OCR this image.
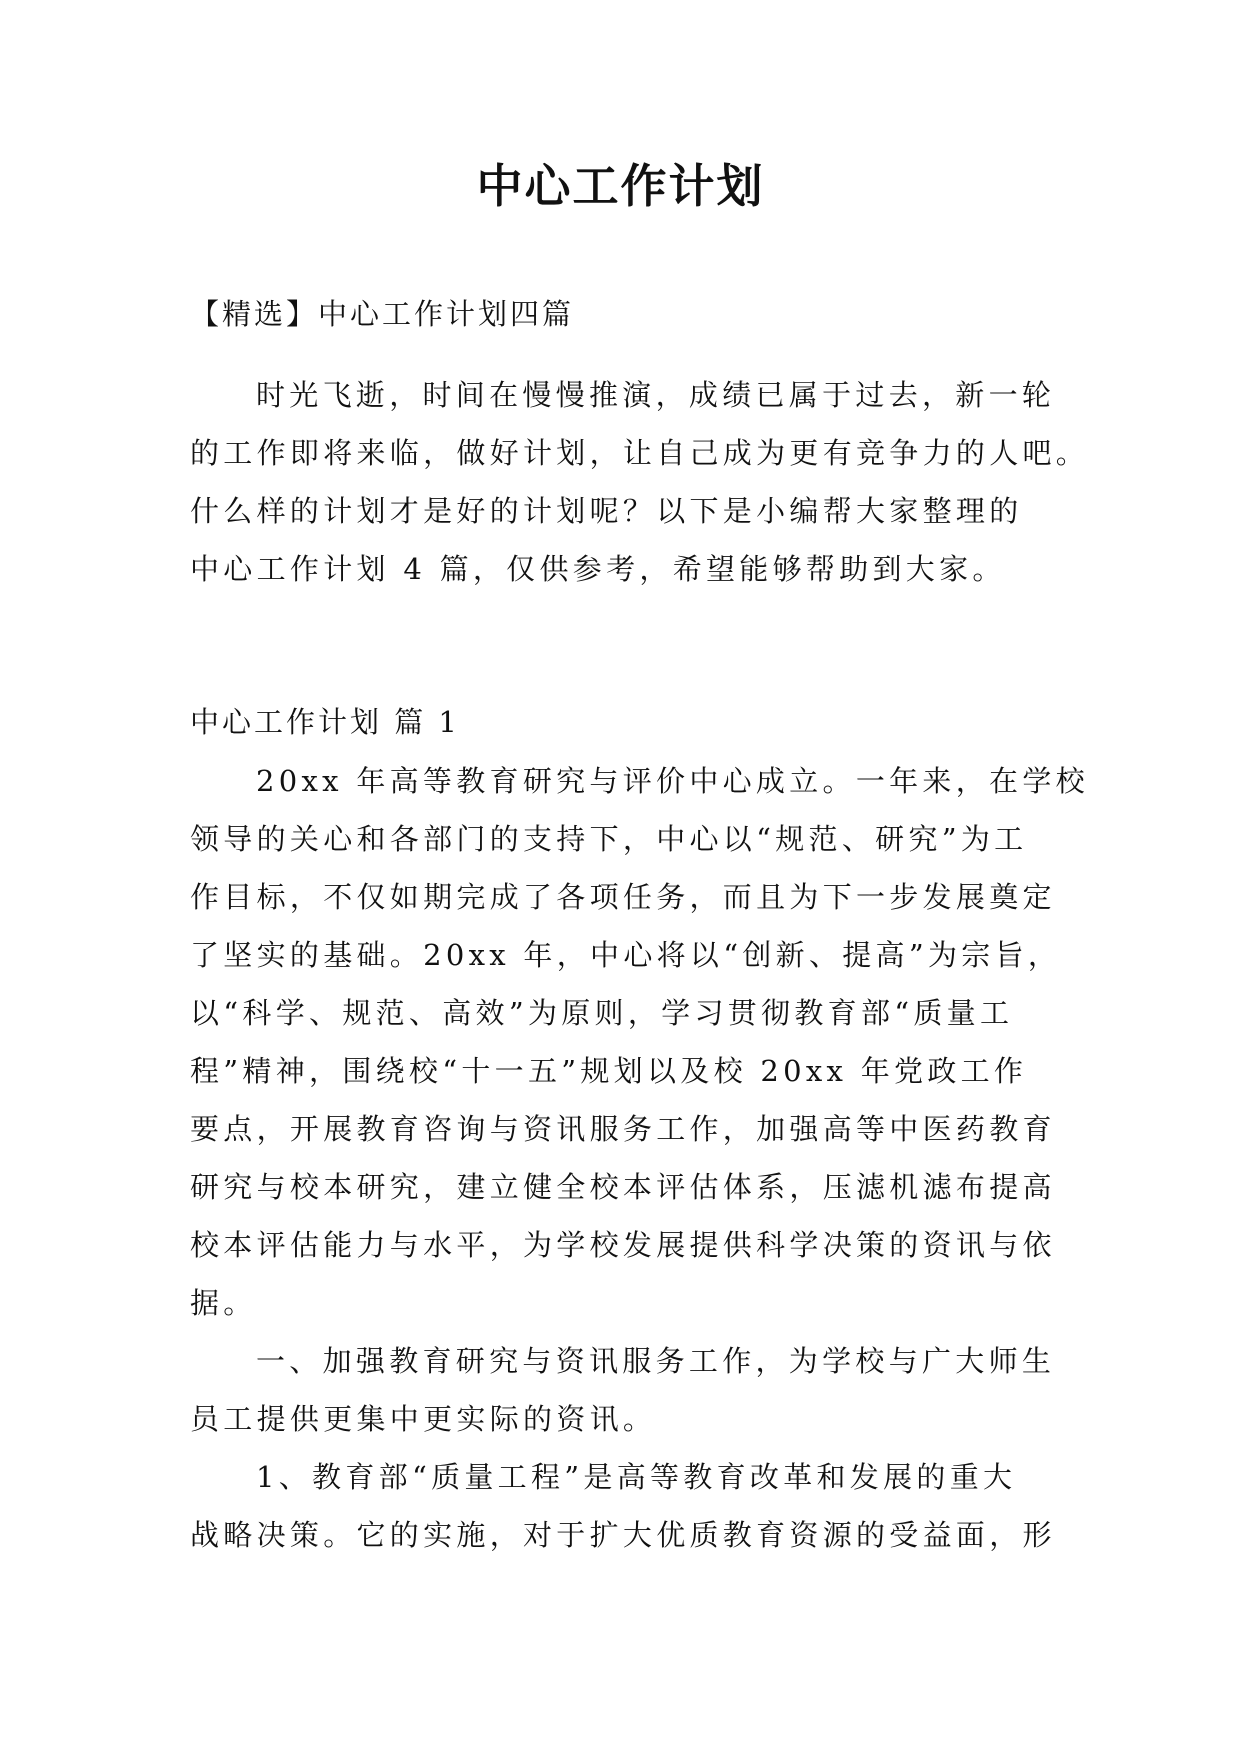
中心工作计划

【精选】中心工作计划四篇

时光飞逝，时间在慢慢推演，成绩已属于过去，新一轮
的工作即将来临，做好计划，让自己成为更有竞争力的人吧。
什么样的计划才是好的计划呢？以下是小编帮大家整理的
中心工作计划 4 篇，仅供参考，希望能够帮助到大家。

中心工作计划 篇 1

20xx 年高等教育研究与评价中心成立。一年来，在学校
领导的关心和各部门的支持下，中心以“规范、研究”为工
作目标，不仅如期完成了各项任务，而且为下一步发展奠定
了坚实的基础。20xx 年，中心将以“创新、提高”为宗旨，
以“科学、规范、高效”为原则，学习贯彻教育部“质量工
程”精神，围绕校“十一五”规划以及校 20xx 年党政工作
要点，开展教育咨询与资讯服务工作，加强高等中医药教育
研究与校本研究，建立健全校本评估体系，压滤机滤布提高
校本评估能力与水平，为学校发展提供科学决策的资讯与依
据。
一、加强教育研究与资讯服务工作，为学校与广大师生
员工提供更集中更实际的资讯。
1、教育部“质量工程”是高等教育改革和发展的重大
战略决策。它的实施，对于扩大优质教育资源的受益面，形
